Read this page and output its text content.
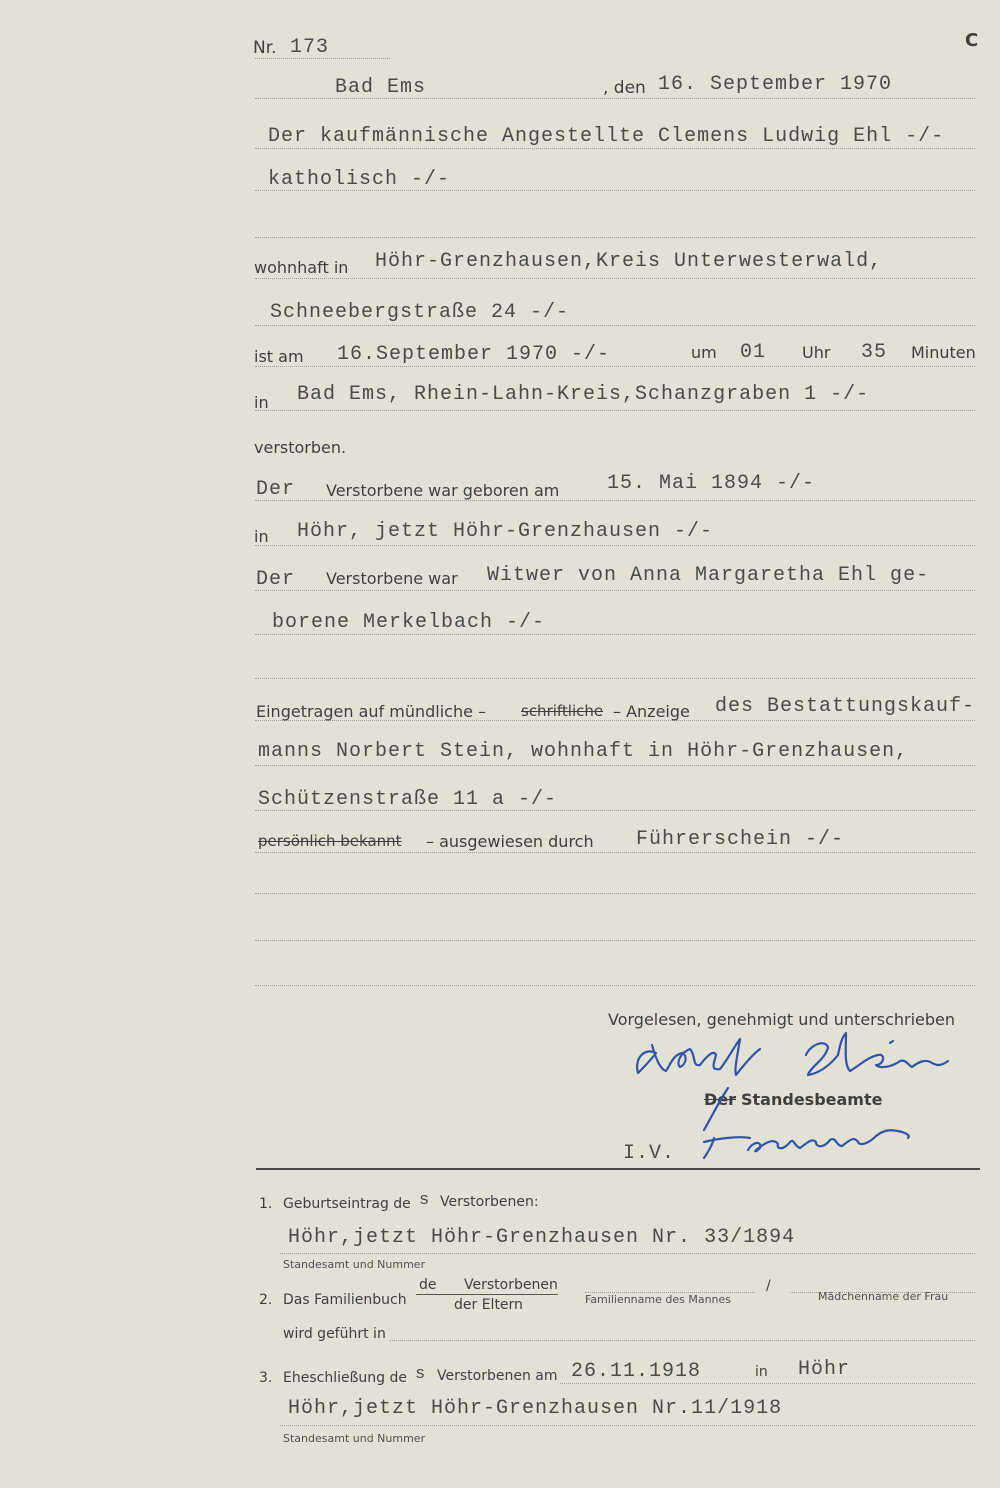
Nr. 173	C
Bad Ems	, den 16. September 1970
Der kaufmännische Angestellte Clemens Ludwig Ehl -/-
katholisch -/-
wohnhaft in Höhr-Grenzhausen,Kreis Unterwesterwald,
Schneebergstraße 24 -/-
ist am 16.September 1970 -/-	um 01 Uhr 35 Minuten
in Bad Ems, Rhein-Lahn-Kreis,Schanzgraben 1 -/-
verstorben.
Der Verstorbene war geboren am 15. Mai 1894 -/-
in Höhr, jetzt Höhr-Grenzhausen -/-
Der Verstorbene war Witwer von Anna Margaretha Ehl ge-
borene Merkelbach -/-
Eingetragen auf mündliche – schriftliche – Anzeige des Bestattungskauf-
manns Norbert Stein, wohnhaft in Höhr-Grenzhausen,
Schützenstraße 11 a -/-
persönlich bekannt – ausgewiesen durch Führerschein -/-
Vorgelesen, genehmigt und unterschrieben
Der Standesbeamte
I.V.
1. Geburtseintrag de s Verstorbenen:
Höhr,jetzt Höhr-Grenzhausen Nr. 33/1894
Standesamt und Nummer
2. Das Familienbuch
de Verstorbenen
der Eltern	Familienname des Mannes
/
Mädchenname der Frau
wird geführt in
3. Eheschließung de s Verstorbenen am 26.11.1918	in Höhr
Höhr,jetzt Höhr-Grenzhausen Nr.11/1918
Standesamt und Nummer
